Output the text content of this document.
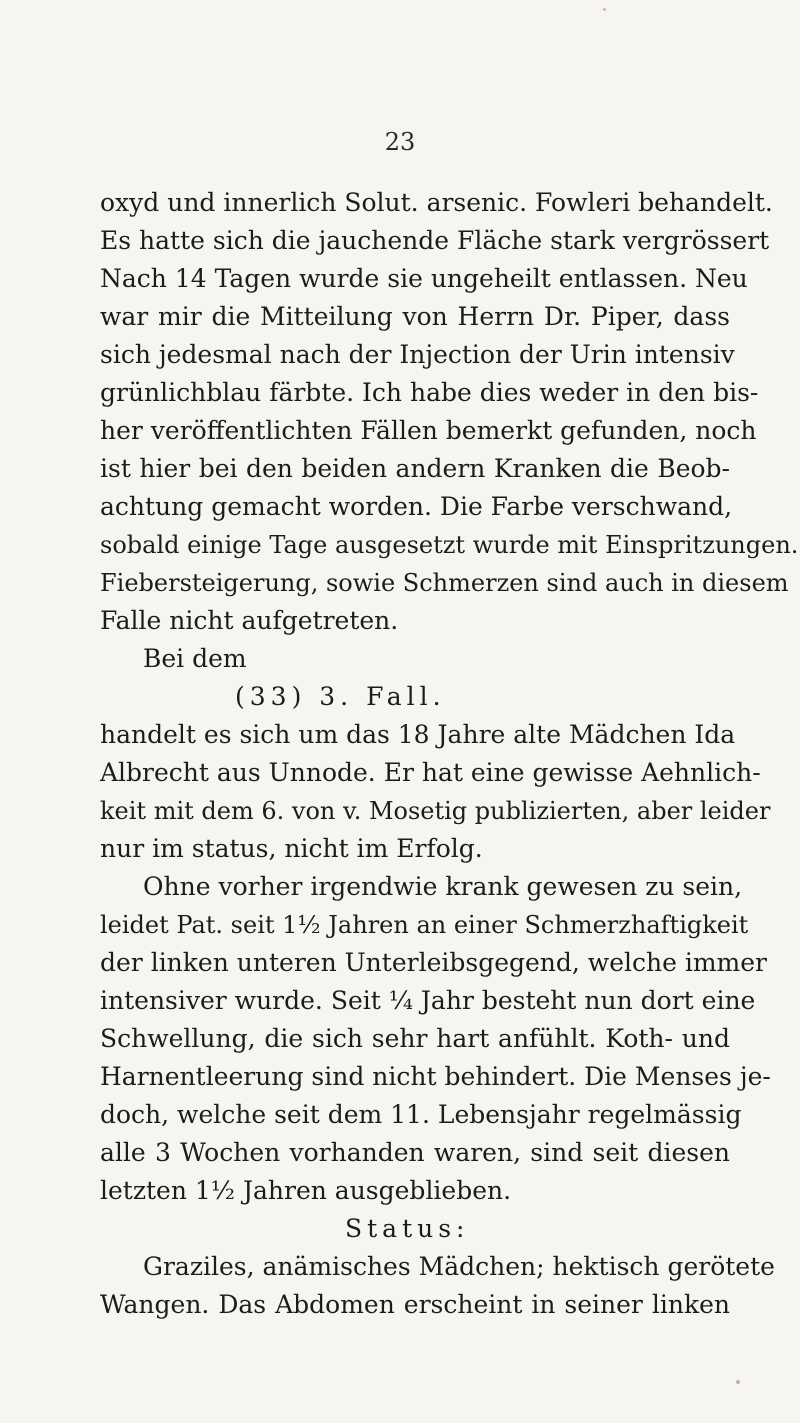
23
oxyd und innerlich Solut. arsenic. Fowleri behandelt.
Es hatte sich die jauchende Fläche stark vergrössert
Nach 14 Tagen wurde sie ungeheilt entlassen. Neu
war mir die Mitteilung von Herrn Dr. Piper, dass
sich jedesmal nach der Injection der Urin intensiv
grünlichblau färbte. Ich habe dies weder in den bis-
her veröffentlichten Fällen bemerkt gefunden, noch
ist hier bei den beiden andern Kranken die Beob-
achtung gemacht worden. Die Farbe verschwand,
sobald einige Tage ausgesetzt wurde mit Einspritzungen.
Fiebersteigerung, sowie Schmerzen sind auch in diesem
Falle nicht aufgetreten.
Bei dem
(33) 3. Fall.
handelt es sich um das 18 Jahre alte Mädchen Ida
Albrecht aus Unnode. Er hat eine gewisse Aehnlich-
keit mit dem 6. von v. Mosetig publizierten, aber leider
nur im status, nicht im Erfolg.
Ohne vorher irgendwie krank gewesen zu sein,
leidet Pat. seit 1½ Jahren an einer Schmerzhaftigkeit
der linken unteren Unterleibsgegend, welche immer
intensiver wurde. Seit ¼ Jahr besteht nun dort eine
Schwellung, die sich sehr hart anfühlt. Koth- und
Harnentleerung sind nicht behindert. Die Menses je-
doch, welche seit dem 11. Lebensjahr regelmässig
alle 3 Wochen vorhanden waren, sind seit diesen
letzten 1½ Jahren ausgeblieben.
Status:
Graziles, anämisches Mädchen; hektisch gerötete
Wangen. Das Abdomen erscheint in seiner linken
